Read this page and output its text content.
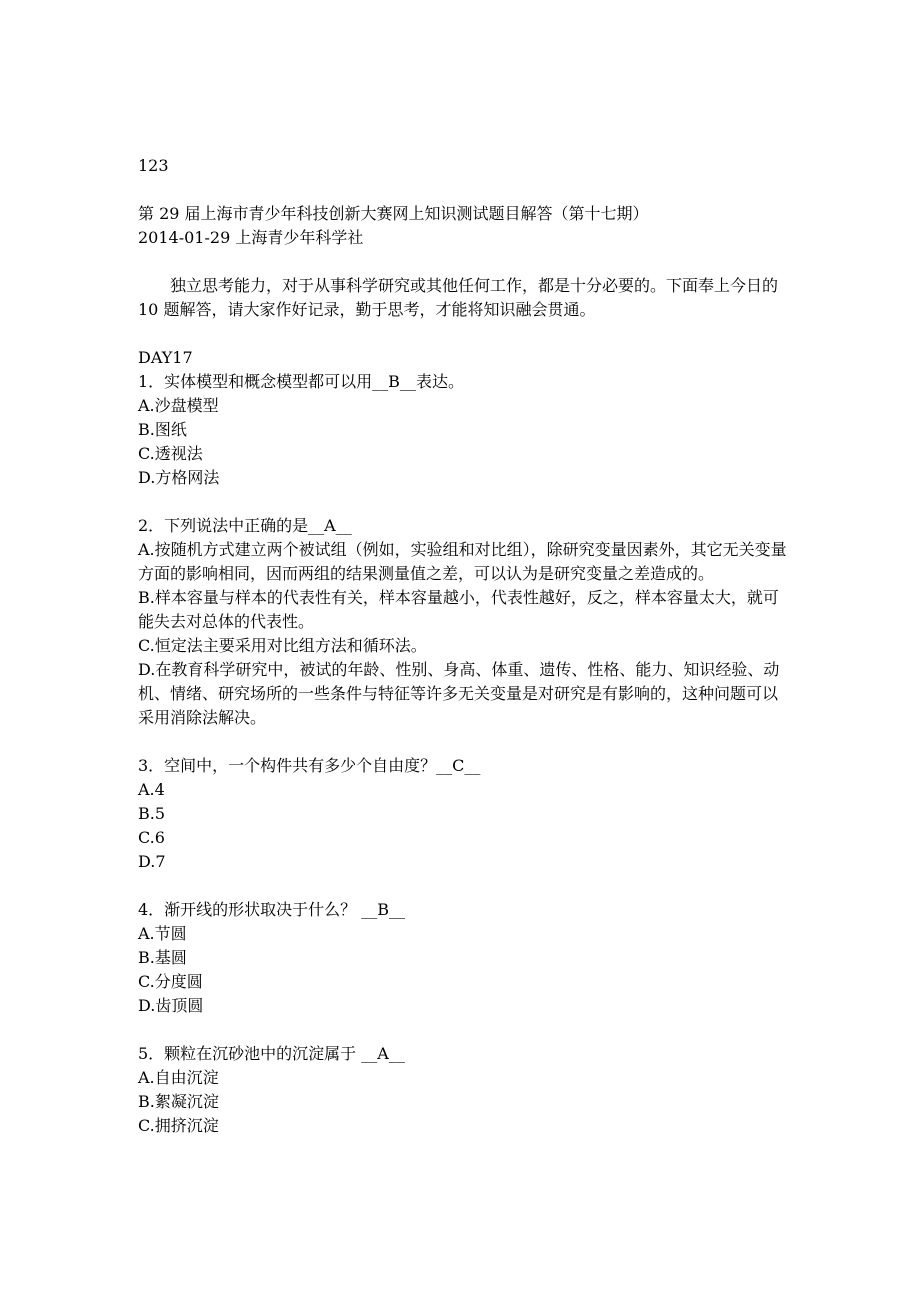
123
第 29 届上海市青少年科技创新大赛网上知识测试题目解答（第十七期）
2014-01-29 上海青少年科学社
独立思考能力，对于从事科学研究或其他任何工作，都是十分必要的。下面奉上今日的 10 题解答，请大家作好记录，勤于思考，才能将知识融会贯通。
DAY17
1．实体模型和概念模型都可以用__B__表达。
A.沙盘模型
B.图纸
C.透视法
D.方格网法
2．下列说法中正确的是__A__
A.按随机方式建立两个被试组（例如，实验组和对比组），除研究变量因素外，其它无关变量方面的影响相同，因而两组的结果测量值之差，可以认为是研究变量之差造成的。
B.样本容量与样本的代表性有关，样本容量越小，代表性越好，反之，样本容量太大，就可能失去对总体的代表性。
C.恒定法主要采用对比组方法和循环法。
D.在教育科学研究中，被试的年龄、性别、身高、体重、遗传、性格、能力、知识经验、动机、情绪、研究场所的一些条件与特征等许多无关变量是对研究是有影响的，这种问题可以采用消除法解决。
3．空间中，一个构件共有多少个自由度？__C__
A.4
B.5
C.6
D.7
4．渐开线的形状取决于什么？ __B__
A.节圆
B.基圆
C.分度圆
D.齿顶圆
5．颗粒在沉砂池中的沉淀属于 __A__
A.自由沉淀
B.絮凝沉淀
C.拥挤沉淀
